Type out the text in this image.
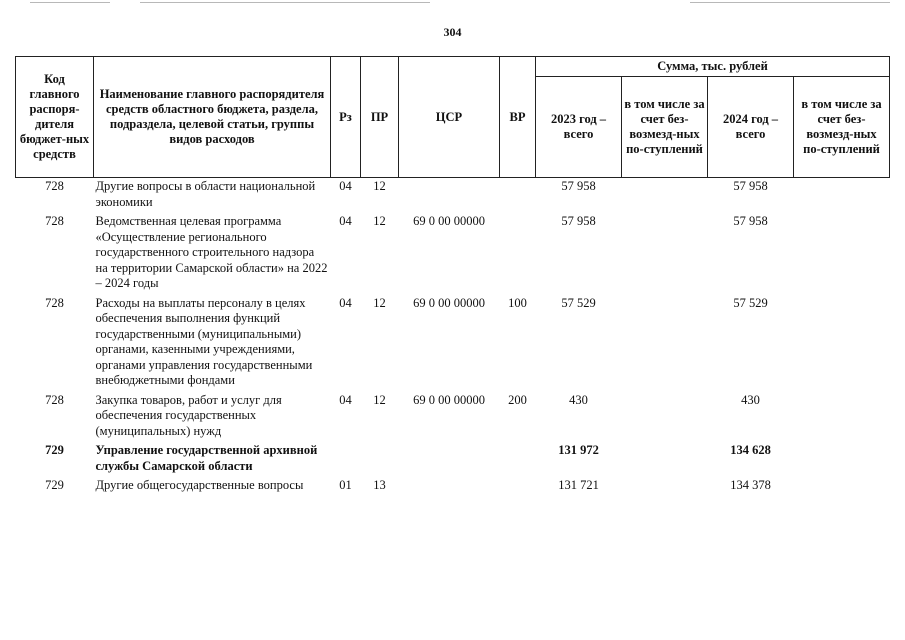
304
Код главного распоря-дителя бюджет-ных средств	Наименование главного распорядителя средств областного бюджета, раздела, подраздела, целевой статьи, группы видов расходов	Рз	ПР	ЦСР	ВР	Сумма, тыс. рублей			
						2023 год – всего	в том числе за счет без-возмезд-ных по-ступлений	2024 год – всего	в том числе за счет без-возмезд-ных по-ступлений
728	Другие вопросы в области национальной экономики	04	12			57 958		57 958	
728	Ведомственная целевая программа «Осуществление регионального государственного строительного надзора на территории Самарской области» на 2022 – 2024 годы	04	12	69 0 00 00000		57 958		57 958	
728	Расходы на выплаты персоналу в целях обеспечения выполнения функций государственными (муниципальными) органами, казенными учреждениями, органами управления государственными внебюджетными фондами	04	12	69 0 00 00000	100	57 529		57 529	
728	Закупка товаров, работ и услуг для обеспечения государственных (муниципальных) нужд	04	12	69 0 00 00000	200	430		430	
729	Управление государственной архивной службы Самарской области					131 972		134 628	
729	Другие общегосударственные вопросы	01	13			131 721		134 378	
